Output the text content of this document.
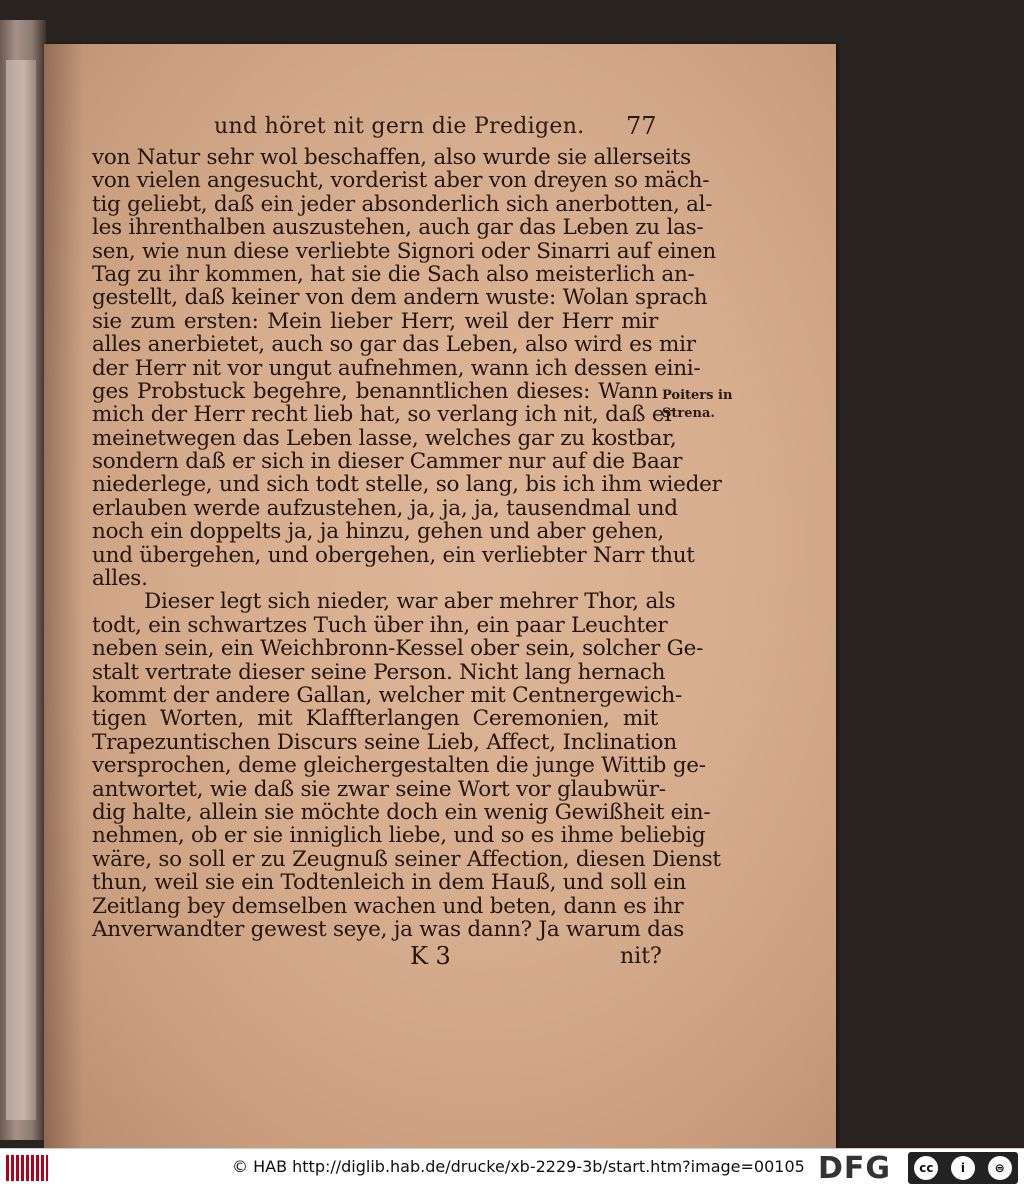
und höret nit gern die Predigen. 77
von Natur sehr wol beschaffen, also wurde sie allerseits
von vielen angesucht, vorderist aber von dreyen so mäch-
tig geliebt, daß ein jeder absonderlich sich anerbotten, al-
les ihrenthalben auszustehen, auch gar das Leben zu las-
sen, wie nun diese verliebte Signori oder Sinarri auf einen
Tag zu ihr kommen, hat sie die Sach also meisterlich an-
gestellt, daß keiner von dem andern wuste: Wolan sprach
sie zum ersten: Mein lieber Herr, weil der Herr mir
alles anerbietet, auch so gar das Leben, also wird es mir
der Herr nit vor ungut aufnehmen, wann ich dessen eini-
ges Probstuck begehre, benanntlichen dieses: Wann
mich der Herr recht lieb hat, so verlang ich nit, daß er
meinetwegen das Leben lasse, welches gar zu kostbar,
sondern daß er sich in dieser Cammer nur auf die Baar
niederlege, und sich todt stelle, so lang, bis ich ihm wieder
erlauben werde aufzustehen, ja, ja, ja, tausendmal und
noch ein doppelts ja, ja hinzu, gehen und aber gehen,
und übergehen, und obergehen, ein verliebter Narr thut
alles.
Dieser legt sich nieder, war aber mehrer Thor, als
todt, ein schwartzes Tuch über ihn, ein paar Leuchter
neben sein, ein Weichbronn-Kessel ober sein, solcher Ge-
stalt vertrate dieser seine Person. Nicht lang hernach
kommt der andere Gallan, welcher mit Centnergewich-
tigen Worten, mit Klaffterlangen Ceremonien, mit
Trapezuntischen Discurs seine Lieb, Affect, Inclination
versprochen, deme gleichergestalten die junge Wittib ge-
antwortet, wie daß sie zwar seine Wort vor glaubwür-
dig halte, allein sie möchte doch ein wenig Gewißheit ein-
nehmen, ob er sie inniglich liebe, und so es ihme beliebig
wäre, so soll er zu Zeugnuß seiner Affection, diesen Dienst
thun, weil sie ein Todtenleich in dem Hauß, und soll ein
Zeitlang bey demselben wachen und beten, dann es ihr
Anverwandter gewest seye, ja was dann? Ja warum das
Poiters in
Strena.
K 3	nit?
© HAB http://diglib.hab.de/drucke/xb-2229-3b/start.htm?image=00105 DFG	cc	i	⊜
